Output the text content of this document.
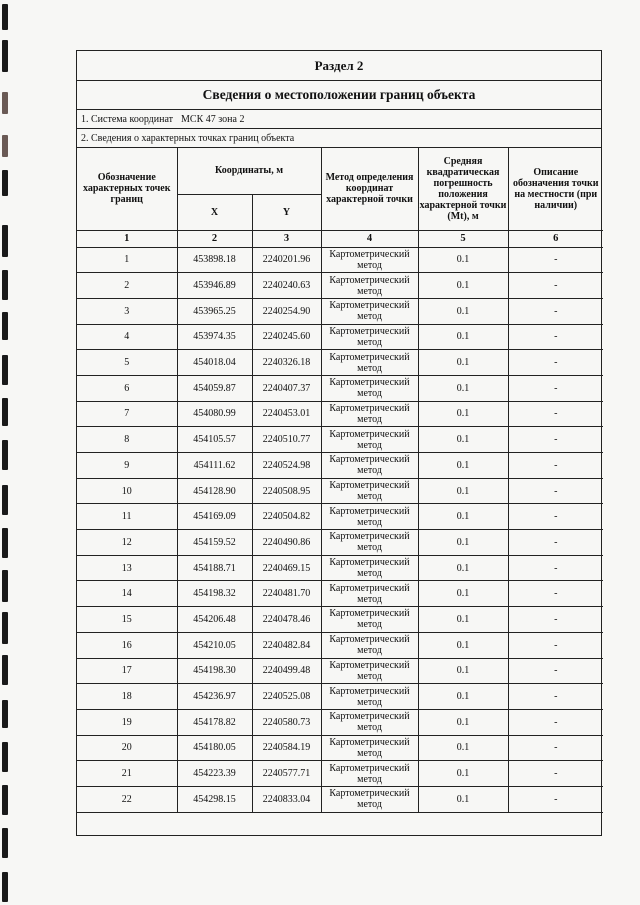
Раздел 2
Сведения о местоположении границ объекта
1. Система координат МСК 47 зона 2
2. Сведения о характерных точках границ объекта
Обозначение характерных точек границ	Координаты, м		Метод определения координат характерной точки	Средняя квадратическая погрешность положения характерной точки (Mt), м	Описание обозначения точки на местности (при наличии)
	X	Y			
1	2	3	4	5	6
1	453898.18	2240201.96	Картометрический метод	0.1	-
2	453946.89	2240240.63	Картометрический метод	0.1	-
3	453965.25	2240254.90	Картометрический метод	0.1	-
4	453974.35	2240245.60	Картометрический метод	0.1	-
5	454018.04	2240326.18	Картометрический метод	0.1	-
6	454059.87	2240407.37	Картометрический метод	0.1	-
7	454080.99	2240453.01	Картометрический метод	0.1	-
8	454105.57	2240510.77	Картометрический метод	0.1	-
9	454111.62	2240524.98	Картометрический метод	0.1	-
10	454128.90	2240508.95	Картометрический метод	0.1	-
11	454169.09	2240504.82	Картометрический метод	0.1	-
12	454159.52	2240490.86	Картометрический метод	0.1	-
13	454188.71	2240469.15	Картометрический метод	0.1	-
14	454198.32	2240481.70	Картометрический метод	0.1	-
15	454206.48	2240478.46	Картометрический метод	0.1	-
16	454210.05	2240482.84	Картометрический метод	0.1	-
17	454198.30	2240499.48	Картометрический метод	0.1	-
18	454236.97	2240525.08	Картометрический метод	0.1	-
19	454178.82	2240580.73	Картометрический метод	0.1	-
20	454180.05	2240584.19	Картометрический метод	0.1	-
21	454223.39	2240577.71	Картометрический метод	0.1	-
22	454298.15	2240833.04	Картометрический метод	0.1	-
